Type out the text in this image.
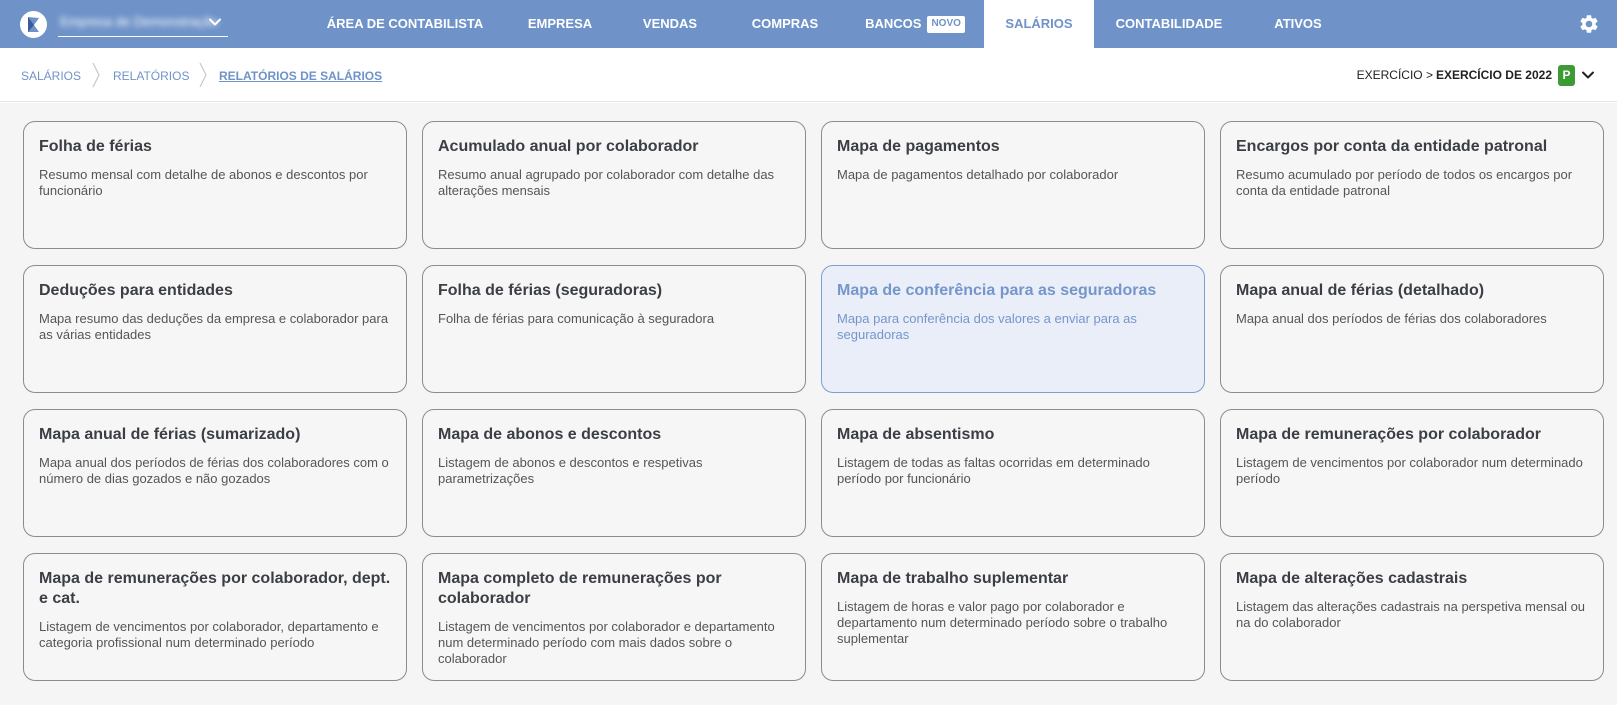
Empresa de Demonstração	ÁREA DE CONTABILISTA	EMPRESA	VENDAS	COMPRAS	BANCOS NOVO	SALÁRIOS	CONTABILIDADE	ATIVOS
SALÁRIOS	RELATÓRIOS RELATÓRIOS DE SALÁRIOS	EXERCÍCIO > EXERCÍCIO DE 2022 P
Folha de férias
Resumo mensal com detalhe de abonos e descontos por funcionário
Acumulado anual por colaborador
Resumo anual agrupado por colaborador com detalhe das alterações mensais
Mapa de pagamentos
Mapa de pagamentos detalhado por colaborador
Encargos por conta da entidade patronal
Resumo acumulado por período de todos os encargos por conta da entidade patronal
Deduções para entidades
Mapa resumo das deduções da empresa e colaborador para as várias entidades
Folha de férias (seguradoras)
Folha de férias para comunicação à seguradora
Mapa de conferência para as seguradoras
Mapa para conferência dos valores a enviar para as seguradoras
Mapa anual de férias (detalhado)
Mapa anual dos períodos de férias dos colaboradores
Mapa anual de férias (sumarizado)
Mapa anual dos períodos de férias dos colaboradores com o número de dias gozados e não gozados
Mapa de abonos e descontos
Listagem de abonos e descontos e respetivas parametrizações
Mapa de absentismo
Listagem de todas as faltas ocorridas em determinado período por funcionário
Mapa de remunerações por colaborador
Listagem de vencimentos por colaborador num determinado período
Mapa de remunerações por colaborador, dept. e cat.
Listagem de vencimentos por colaborador, departamento e categoria profissional num determinado período
Mapa completo de remunerações por colaborador
Listagem de vencimentos por colaborador e departamento num determinado período com mais dados sobre o colaborador
Mapa de trabalho suplementar
Listagem de horas e valor pago por colaborador e departamento num determinado período sobre o trabalho suplementar
Mapa de alterações cadastrais
Listagem das alterações cadastrais na perspetiva mensal ou na do colaborador
